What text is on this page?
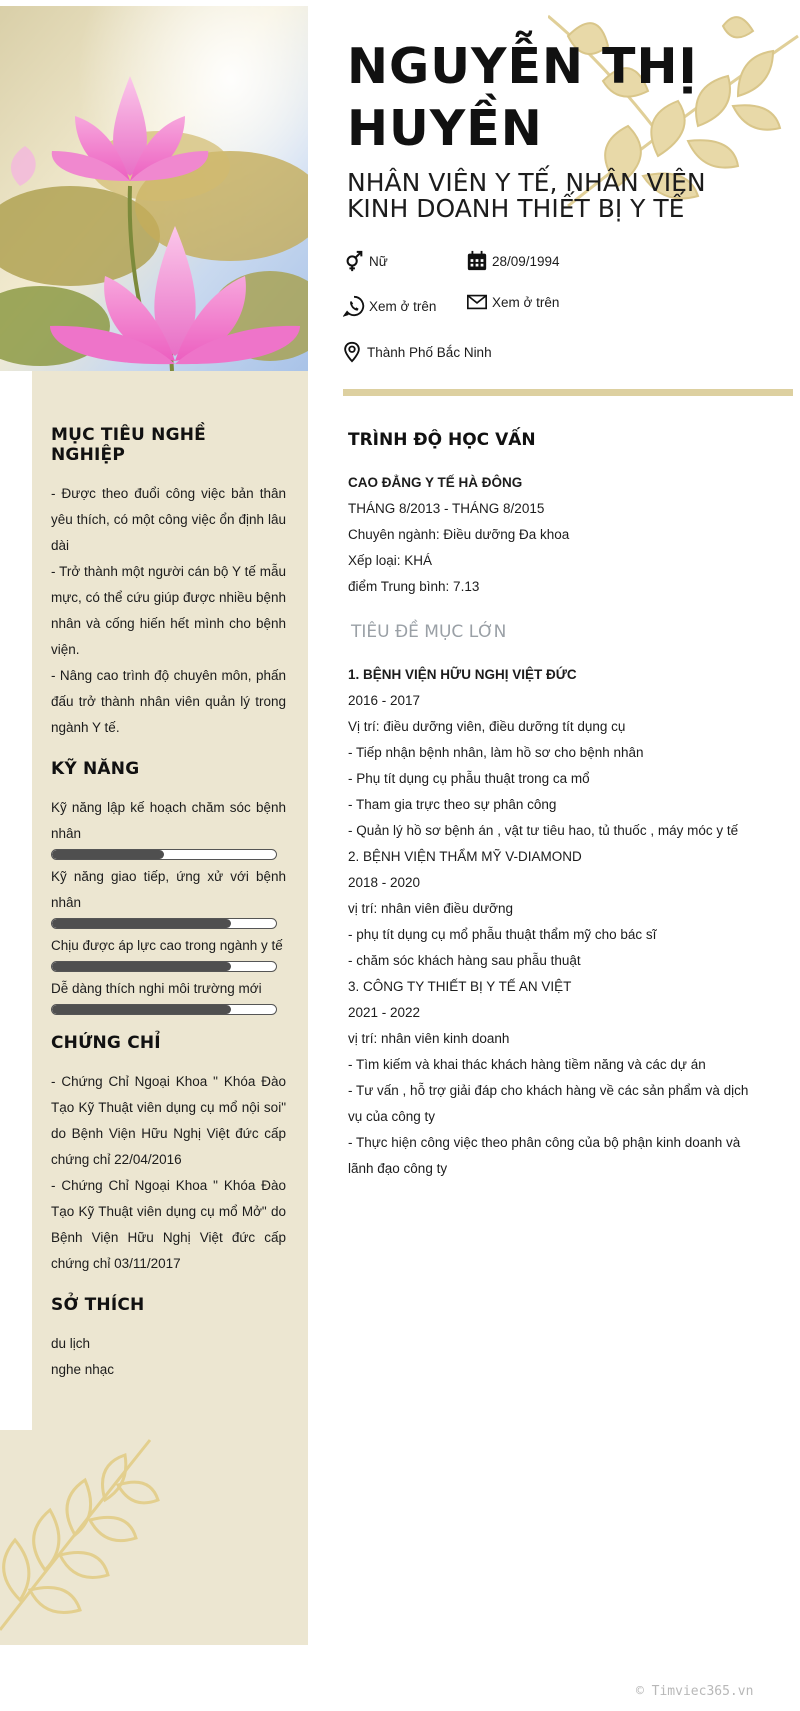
NGUYỄN THỊ
HUYỀN
NHÂN VIÊN Y TẾ, NHÂN VIÊN
KINH DOANH THIẾT BỊ Y TẾ
Nữ	28/09/1994
Xem ở trên	Xem ở trên
Thành Phố Bắc Ninh
MỤC TIÊU NGHỀ NGHIỆP
- Được theo đuổi công việc bản thân yêu thích, có một công việc ổn định lâu dài
- Trở thành một người cán bộ Y tế mẫu mực, có thể cứu giúp được nhiều bệnh nhân và cống hiến hết mình cho bệnh viện.
- Nâng cao trình độ chuyên môn, phấn đấu trở thành nhân viên quản lý trong ngành Y tế.
KỸ NĂNG
Kỹ năng lập kế hoạch chăm sóc bệnh nhân
Kỹ năng giao tiếp, ứng xử với bệnh nhân
Chịu được áp lực cao trong ngành y tế
Dễ dàng thích nghi môi trường mới
CHỨNG CHỈ
- Chứng Chỉ Ngoại Khoa " Khóa Đào Tạo Kỹ Thuật viên dụng cụ mổ nội soi" do Bệnh Viện Hữu Nghị Việt đức cấp chứng chỉ 22/04/2016
- Chứng Chỉ Ngoại Khoa " Khóa Đào Tạo Kỹ Thuật viên dụng cụ mổ Mở" do Bệnh Viện Hữu Nghị Việt đức cấp chứng chỉ 03/11/2017
SỞ THÍCH
du lịch
nghe nhạc
TRÌNH ĐỘ HỌC VẤN
CAO ĐẲNG Y TẾ HÀ ĐÔNG
THÁNG 8/2013 - THÁNG 8/2015
Chuyên ngành: Điều dưỡng Đa khoa
Xếp loại: KHÁ
điểm Trung bình: 7.13
TIÊU ĐỀ MỤC LỚN
1. BỆNH VIỆN HỮU NGHỊ VIỆT ĐỨC
2016 - 2017
Vị trí: điều dưỡng viên, điều dưỡng tít dụng cụ
- Tiếp nhận bệnh nhân, làm hồ sơ cho bệnh nhân
- Phụ tít dụng cụ phẫu thuật trong ca mổ
- Tham gia trực theo sự phân công
- Quản lý hồ sơ bệnh án , vật tư tiêu hao, tủ thuốc , máy móc y tế
2. BỆNH VIỆN THẨM MỸ V-DIAMOND
2018 - 2020
vị trí: nhân viên điều dưỡng
- phụ tít dụng cụ mổ phẫu thuật thẩm mỹ cho bác sĩ
- chăm sóc khách hàng sau phẫu thuật
3. CÔNG TY THIẾT BỊ Y TẾ AN VIỆT
2021 - 2022
vị trí: nhân viên kinh doanh
- Tìm kiếm và khai thác khách hàng tiềm năng và các dự án
- Tư vấn , hỗ trợ giải đáp cho khách hàng về các sản phẩm và dịch vụ của công ty
- Thực hiện công việc theo phân công của bộ phận kinh doanh và lãnh đạo công ty
© Timviec365.vn
